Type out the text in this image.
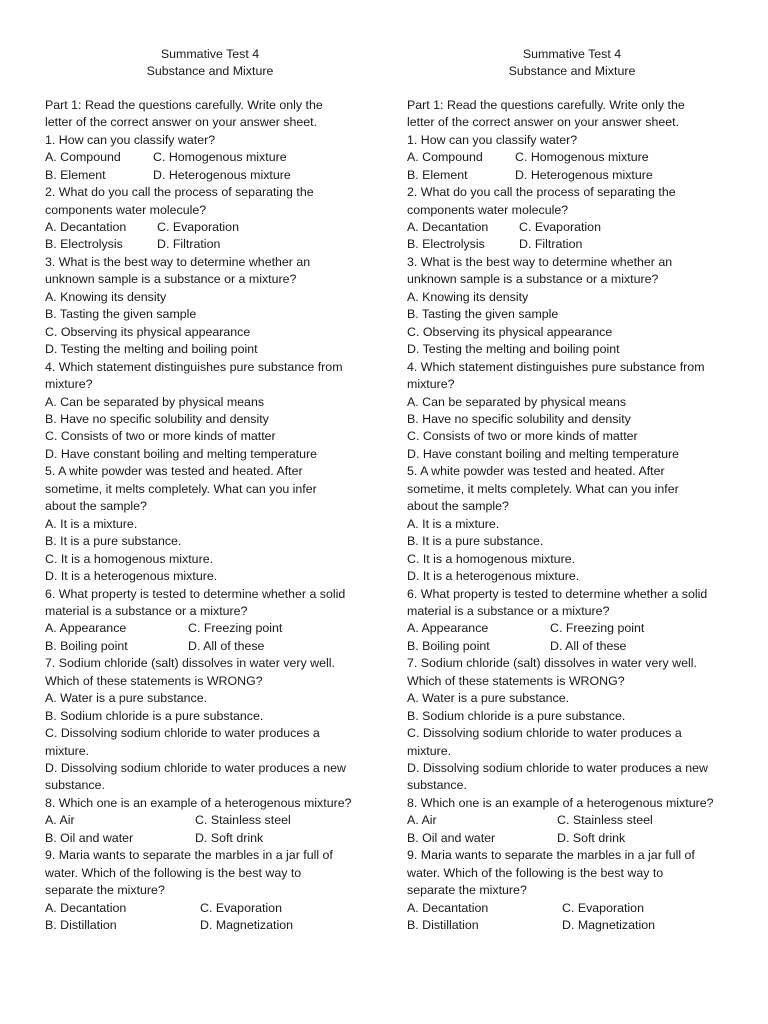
Summative Test 4
Substance and Mixture
Part 1: Read the questions carefully. Write only the
letter of the correct answer on your answer sheet.
1. How can you classify water?
A. Compound	C. Homogenous mixture
B. Element	D. Heterogenous mixture
2. What do you call the process of separating the
components water molecule?
A. Decantation C. Evaporation
B. Electrolysis	D. Filtration
3. What is the best way to determine whether an
unknown sample is a substance or a mixture?
A. Knowing its density
B. Tasting the given sample
C. Observing its physical appearance
D. Testing the melting and boiling point
4. Which statement distinguishes pure substance from
mixture?
A. Can be separated by physical means
B. Have no specific solubility and density
C. Consists of two or more kinds of matter
D. Have constant boiling and melting temperature
5. A white powder was tested and heated. After
sometime, it melts completely. What can you infer
about the sample?
A. It is a mixture.
B. It is a pure substance.
C. It is a homogenous mixture.
D. It is a heterogenous mixture.
6. What property is tested to determine whether a solid
material is a substance or a mixture?
A. Appearance	C. Freezing point
B. Boiling point	D. All of these
7. Sodium chloride (salt) dissolves in water very well.
Which of these statements is WRONG?
A. Water is a pure substance.
B. Sodium chloride is a pure substance.
C. Dissolving sodium chloride to water produces a
mixture.
D. Dissolving sodium chloride to water produces a new
substance.
8. Which one is an example of a heterogenous mixture?
A. Air	C. Stainless steel
B. Oil and water	D. Soft drink
9. Maria wants to separate the marbles in a jar full of
water. Which of the following is the best way to
separate the mixture?
A. Decantation	C. Evaporation
B. Distillation	D. Magnetization
Summative Test 4
Substance and Mixture
Part 1: Read the questions carefully. Write only the
letter of the correct answer on your answer sheet.
1. How can you classify water?
A. Compound	C. Homogenous mixture
B. Element	D. Heterogenous mixture
2. What do you call the process of separating the
components water molecule?
A. Decantation C. Evaporation
B. Electrolysis	D. Filtration
3. What is the best way to determine whether an
unknown sample is a substance or a mixture?
A. Knowing its density
B. Tasting the given sample
C. Observing its physical appearance
D. Testing the melting and boiling point
4. Which statement distinguishes pure substance from
mixture?
A. Can be separated by physical means
B. Have no specific solubility and density
C. Consists of two or more kinds of matter
D. Have constant boiling and melting temperature
5. A white powder was tested and heated. After
sometime, it melts completely. What can you infer
about the sample?
A. It is a mixture.
B. It is a pure substance.
C. It is a homogenous mixture.
D. It is a heterogenous mixture.
6. What property is tested to determine whether a solid
material is a substance or a mixture?
A. Appearance	C. Freezing point
B. Boiling point	D. All of these
7. Sodium chloride (salt) dissolves in water very well.
Which of these statements is WRONG?
A. Water is a pure substance.
B. Sodium chloride is a pure substance.
C. Dissolving sodium chloride to water produces a
mixture.
D. Dissolving sodium chloride to water produces a new
substance.
8. Which one is an example of a heterogenous mixture?
A. Air	C. Stainless steel
B. Oil and water	D. Soft drink
9. Maria wants to separate the marbles in a jar full of
water. Which of the following is the best way to
separate the mixture?
A. Decantation	C. Evaporation
B. Distillation	D. Magnetization
